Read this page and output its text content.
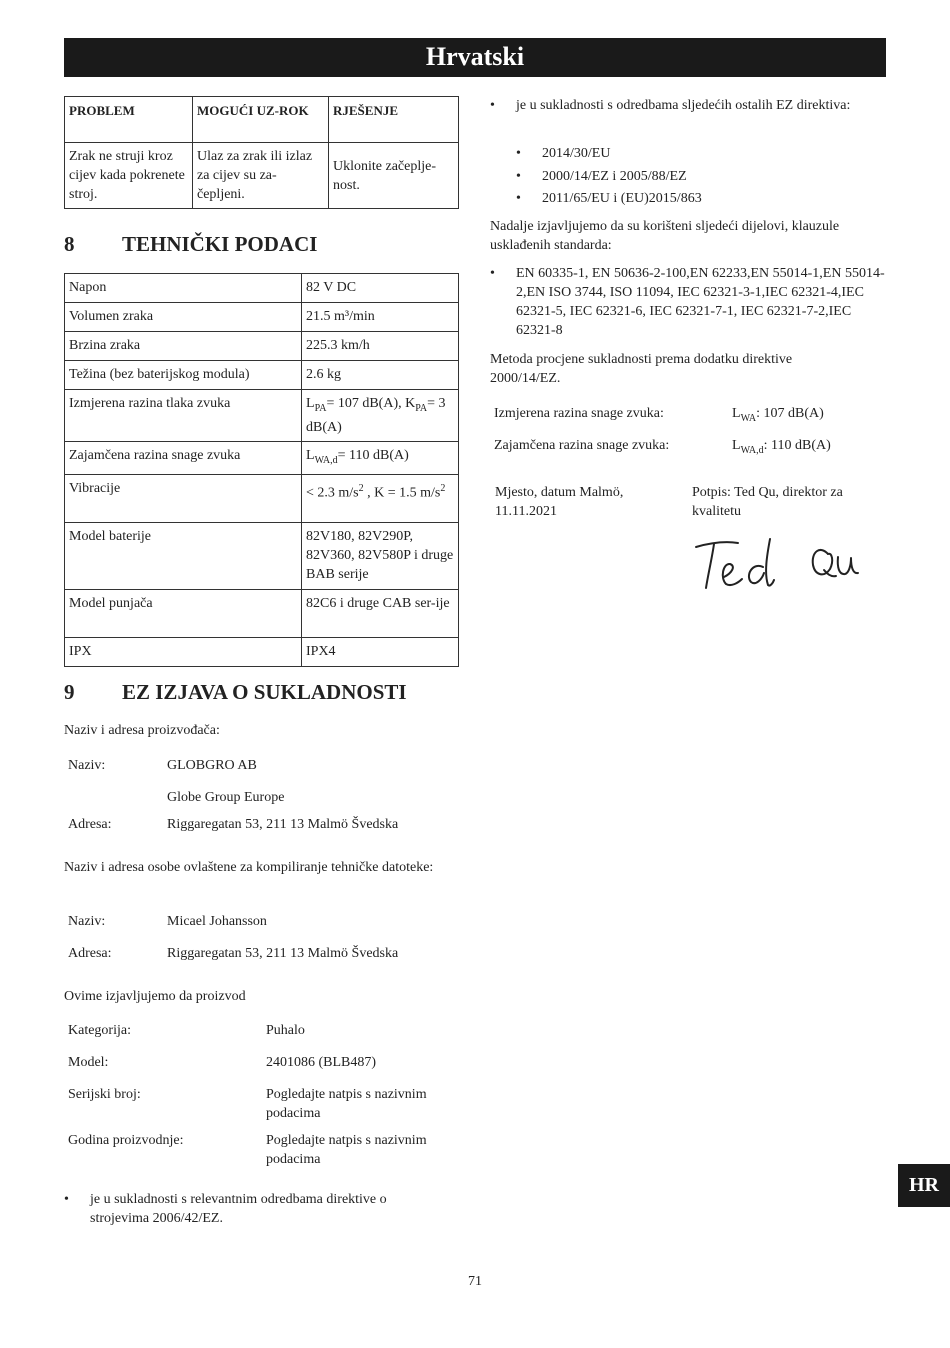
Hrvatski
PROBLEM	MOGUĆI UZ-ROK	RJEŠENJE
Zrak ne struji kroz cijev kada pokrenete stroj.	Ulaz za zrak ili izlaz za cijev su za-čepljeni.	Uklonite začeplje-nost.
8 TEHNIČKI PODACI
Napon	82 V DC
Volumen zraka	21.5 m³/min
Brzina zraka	225.3 km/h
Težina (bez baterijskog modula)	2.6 kg
Izmjerena razina tlaka zvuka	$L_{PA}= 107$ dB(A), $K_{PA}= 3$ dB(A)
Zajamčena razina snage zvuka	$L_{WA,d}= 110$ dB(A)
Vibracije	< 2.3 $m/s^2$ , K = 1.5 $m/s^2$
Model baterije	82V180, 82V290P, 82V360, 82V580P i druge BAB serije
Model punjača	82C6 i druge CAB ser-ije
IPX	IPX4
9 EZ IZJAVA O SUKLADNOSTI
Naziv i adresa proizvođača:
Naziv:	GLOBGRO AB
	Globe Group Europe
Adresa:	Riggaregatan 53, 211 13 Malmö Švedska
Naziv i adresa osobe ovlaštene za kompiliranje tehničke datoteke:
Naziv:	Micael Johansson
Adresa:	Riggaregatan 53, 211 13 Malmö Švedska
Ovime izjavljujemo da proizvod
Kategorija:	Puhalo
Model:	2401086 (BLB487)
Serijski broj:	Pogledajte natpis s nazivnim podacima
Godina proizvodnje:	Pogledajte natpis s nazivnim podacima
• je u sukladnosti s relevantnim odredbama direktive o strojevima 2006/42/EZ.
• je u sukladnosti s odredbama sljedećih ostalih EZ direktiva:
• 2014/30/EU
• 2000/14/EZ i 2005/88/EZ
• 2011/65/EU i (EU)2015/863
Nadalje izjavljujemo da su korišteni sljedeći dijelovi, klauzule usklađenih standarda:
• EN 60335-1, EN 50636-2-100,EN 62233,EN 55014-1,EN 55014-2,EN ISO 3744, ISO 11094, IEC 62321-3-1,IEC 62321-4,IEC 62321-5, IEC 62321-6, IEC 62321-7-1, IEC 62321-7-2,IEC 62321-8
Metoda procjene sukladnosti prema dodatku direktive 2000/14/EZ.
Izmjerena razina snage zvuka:	$L_{WA}$: 107 dB(A)
Zajamčena razina snage zvuka:	$L_{WA,d}$: 110 dB(A)
Mjesto, datum Malmö, 11.11.2021
Potpis: Ted Qu, direktor za kvalitetu
71
HR
